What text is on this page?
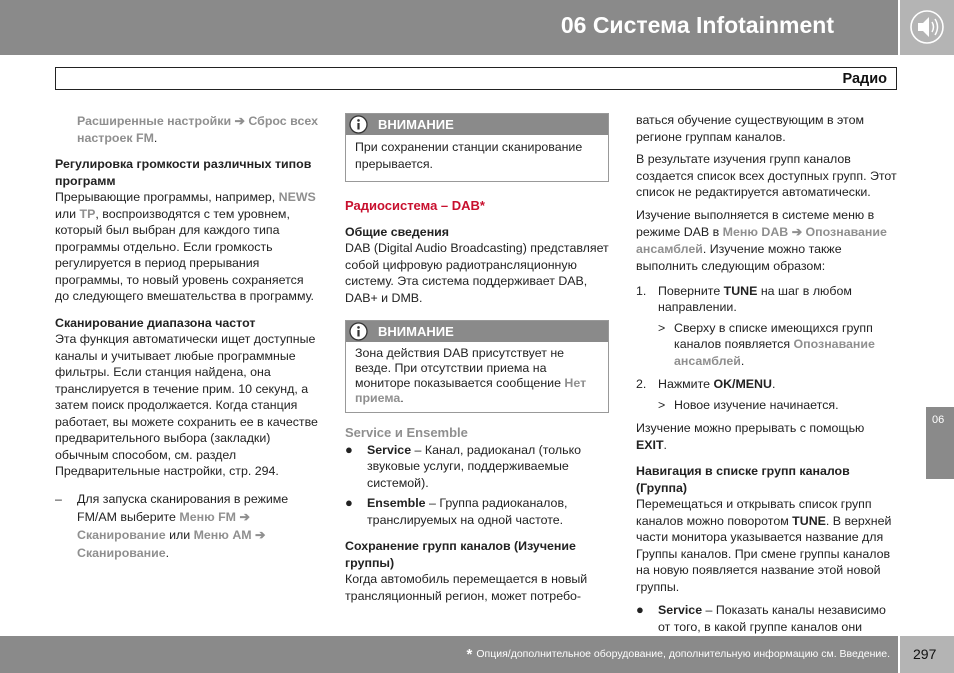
06 Система Infotainment
Радио

Расширенные настройки ➔ Сброс всех настроек FM.

Регулировка громкости различных типов программ

Прерывающие программы, например, NEWS или TP, воспроизводятся с тем уровнем, который был выбран для каждого типа программы отдельно. Если громкость регулируется в период прерывания программы, то новый уровень сохраняется до следующего вмешательства в программу.

Сканирование диапазона частот

Эта функция автоматически ищет доступные каналы и учитывает любые программные фильтры. Если станция найдена, она транслируется в течение прим. 10 секунд, а затем поиск продолжается. Когда станция работает, вы можете сохранить ее в качестве предварительного выбора (закладки) обычным способом, см. раздел Предварительные настройки, стр. 294.

– Для запуска сканирования в режиме FM/AM выберите Меню FM ➔ Сканирование или Меню AM ➔ Сканирование.

ВНИМАНИЕ
При сохранении станции сканирование прерывается.

Радиосистема – DAB*

Общие сведения

DAB (Digital Audio Broadcasting) представляет собой цифровую радиотрансляционную систему. Эта система поддерживает DAB, DAB+ и DMB.

ВНИМАНИЕ
Зона действия DAB присутствует не везде. При отсутствии приема на мониторе показывается сообщение Нет приема.

Service и Ensemble

● Service – Канал, радиоканал (только звуковые услуги, поддерживаемые системой).
● Ensemble – Группа радиоканалов, транслируемых на одной частоте.

Сохранение групп каналов (Изучение группы)

Когда автомобиль перемещается в новый трансляционный регион, может потребо-

ваться обучение существующим в этом регионе группам каналов.

В результате изучения групп каналов создается список всех доступных групп. Этот список не редактируется автоматически.

Изучение выполняется в системе меню в режиме DAB в Меню DAB ➔ Опознавание ансамблей. Изучение можно также выполнить следующим образом:

1. Поверните TUNE на шаг в любом направлении.
> Сверху в списке имеющихся групп каналов появляется Опознавание ансамблей.
2. Нажмите OK/MENU.
> Новое изучение начинается.

Изучение можно прерывать с помощью EXIT.

Навигация в списке групп каналов (Группа)

Перемещаться и открывать список групп каналов можно поворотом TUNE. В верхней части монитора указывается название для Группы каналов. При смене группы каналов на новую появляется название этой новой группы.

● Service – Показать каналы независимо от того, в какой группе каналов они
06
* Опция/дополнительное оборудование, дополнительную информацию см. Введение. 297
